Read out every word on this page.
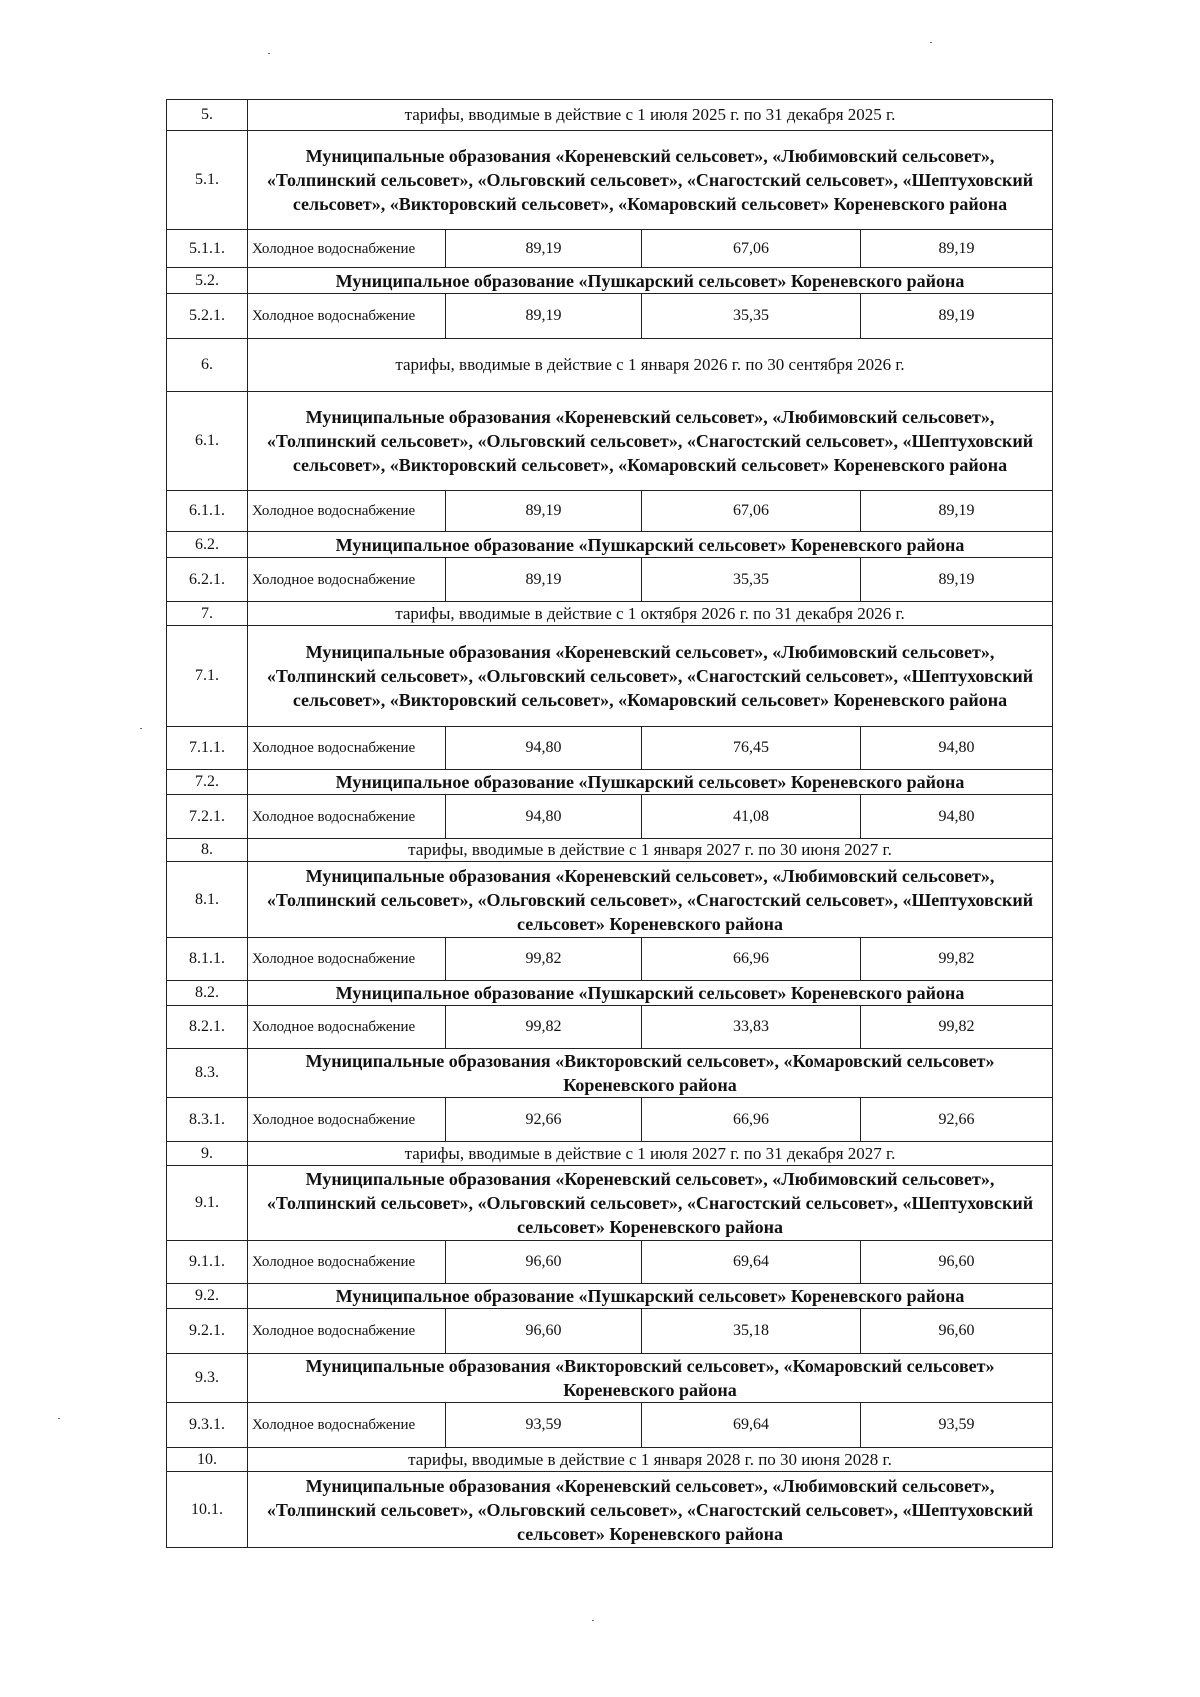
5.	тарифы, вводимые в действие с 1 июля 2025 г. по 31 декабря 2025 г.			
5.1.	Муниципальные образования «Кореневский сельсовет», «Любимовский сельсовет», «Толпинский сельсовет», «Ольговский сельсовет», «Снагостский сельсовет», «Шептуховский сельсовет», «Викторовский сельсовет», «Комаровский сельсовет» Кореневского района			
5.1.1.	Холодное водоснабжение	89,19	67,06	89,19
5.2.	Муниципальное образование «Пушкарский сельсовет» Кореневского района			
5.2.1.	Холодное водоснабжение	89,19	35,35	89,19
6.	тарифы, вводимые в действие с 1 января 2026 г. по 30 сентября 2026 г.			
6.1.	Муниципальные образования «Кореневский сельсовет», «Любимовский сельсовет», «Толпинский сельсовет», «Ольговский сельсовет», «Снагостский сельсовет», «Шептуховский сельсовет», «Викторовский сельсовет», «Комаровский сельсовет» Кореневского района			
6.1.1.	Холодное водоснабжение	89,19	67,06	89,19
6.2.	Муниципальное образование «Пушкарский сельсовет» Кореневского района			
6.2.1.	Холодное водоснабжение	89,19	35,35	89,19
7.	тарифы, вводимые в действие с 1 октября 2026 г. по 31 декабря 2026 г.			
7.1.	Муниципальные образования «Кореневский сельсовет», «Любимовский сельсовет», «Толпинский сельсовет», «Ольговский сельсовет», «Снагостский сельсовет», «Шептуховский сельсовет», «Викторовский сельсовет», «Комаровский сельсовет» Кореневского района			
7.1.1.	Холодное водоснабжение	94,80	76,45	94,80
7.2.	Муниципальное образование «Пушкарский сельсовет» Кореневского района			
7.2.1.	Холодное водоснабжение	94,80	41,08	94,80
8.	тарифы, вводимые в действие с 1 января 2027 г. по 30 июня 2027 г.			
8.1.	Муниципальные образования «Кореневский сельсовет», «Любимовский сельсовет», «Толпинский сельсовет», «Ольговский сельсовет», «Снагостский сельсовет», «Шептуховский сельсовет» Кореневского района			
8.1.1.	Холодное водоснабжение	99,82	66,96	99,82
8.2.	Муниципальное образование «Пушкарский сельсовет» Кореневского района			
8.2.1.	Холодное водоснабжение	99,82	33,83	99,82
8.3.	Муниципальные образования «Викторовский сельсовет», «Комаровский сельсовет» Кореневского района			
8.3.1.	Холодное водоснабжение	92,66	66,96	92,66
9.	тарифы, вводимые в действие с 1 июля 2027 г. по 31 декабря 2027 г.			
9.1.	Муниципальные образования «Кореневский сельсовет», «Любимовский сельсовет», «Толпинский сельсовет», «Ольговский сельсовет», «Снагостский сельсовет», «Шептуховский сельсовет» Кореневского района			
9.1.1.	Холодное водоснабжение	96,60	69,64	96,60
9.2.	Муниципальное образование «Пушкарский сельсовет» Кореневского района			
9.2.1.	Холодное водоснабжение	96,60	35,18	96,60
9.3.	Муниципальные образования «Викторовский сельсовет», «Комаровский сельсовет» Кореневского района			
9.3.1.	Холодное водоснабжение	93,59	69,64	93,59
10.	тарифы, вводимые в действие с 1 января 2028 г. по 30 июня 2028 г.			
10.1.	Муниципальные образования «Кореневский сельсовет», «Любимовский сельсовет», «Толпинский сельсовет», «Ольговский сельсовет», «Снагостский сельсовет», «Шептуховский сельсовет» Кореневского района			
